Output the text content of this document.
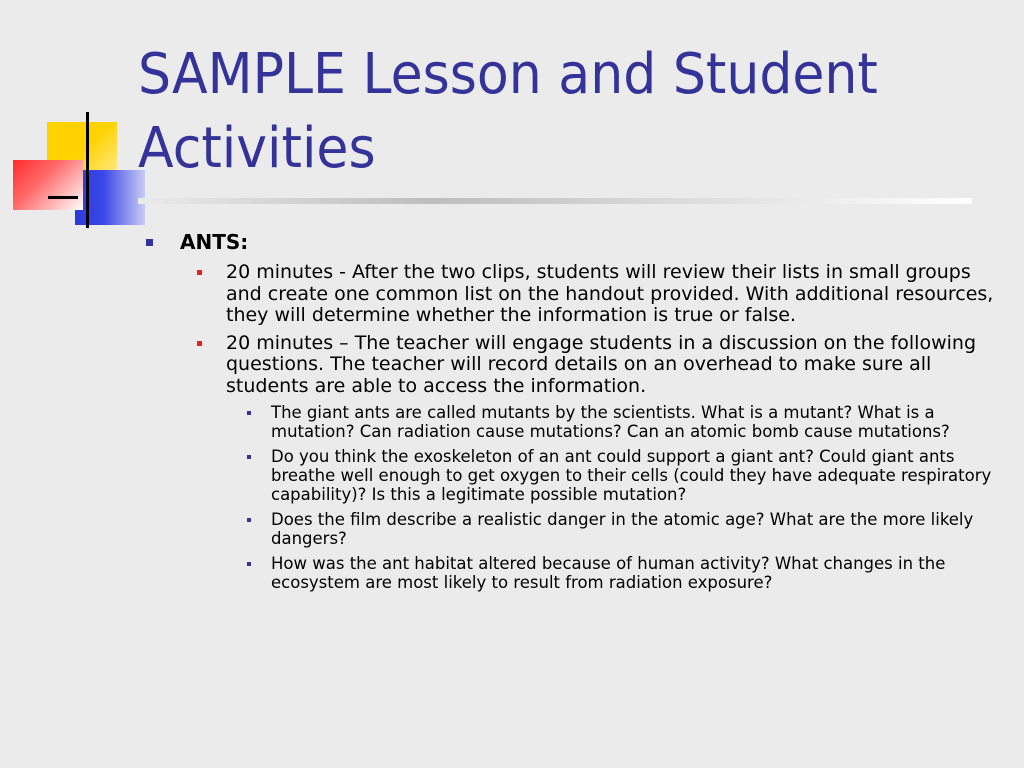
SAMPLE Lesson and Student Activities
ANTS:
20 minutes - After the two clips, students will review their lists in small groups and create one common list on the handout provided. With additional resources, they will determine whether the information is true or false.
20 minutes – The teacher will engage students in a discussion on the following questions. The teacher will record details on an overhead to make sure all students are able to access the information.
The giant ants are called mutants by the scientists. What is a mutant? What is a mutation? Can radiation cause mutations? Can an atomic bomb cause mutations?
Do you think the exoskeleton of an ant could support a giant ant? Could giant ants breathe well enough to get oxygen to their cells (could they have adequate respiratory capability)? Is this a legitimate possible mutation?
Does the film describe a realistic danger in the atomic age? What are the more likely dangers?
How was the ant habitat altered because of human activity? What changes in the ecosystem are most likely to result from radiation exposure?
